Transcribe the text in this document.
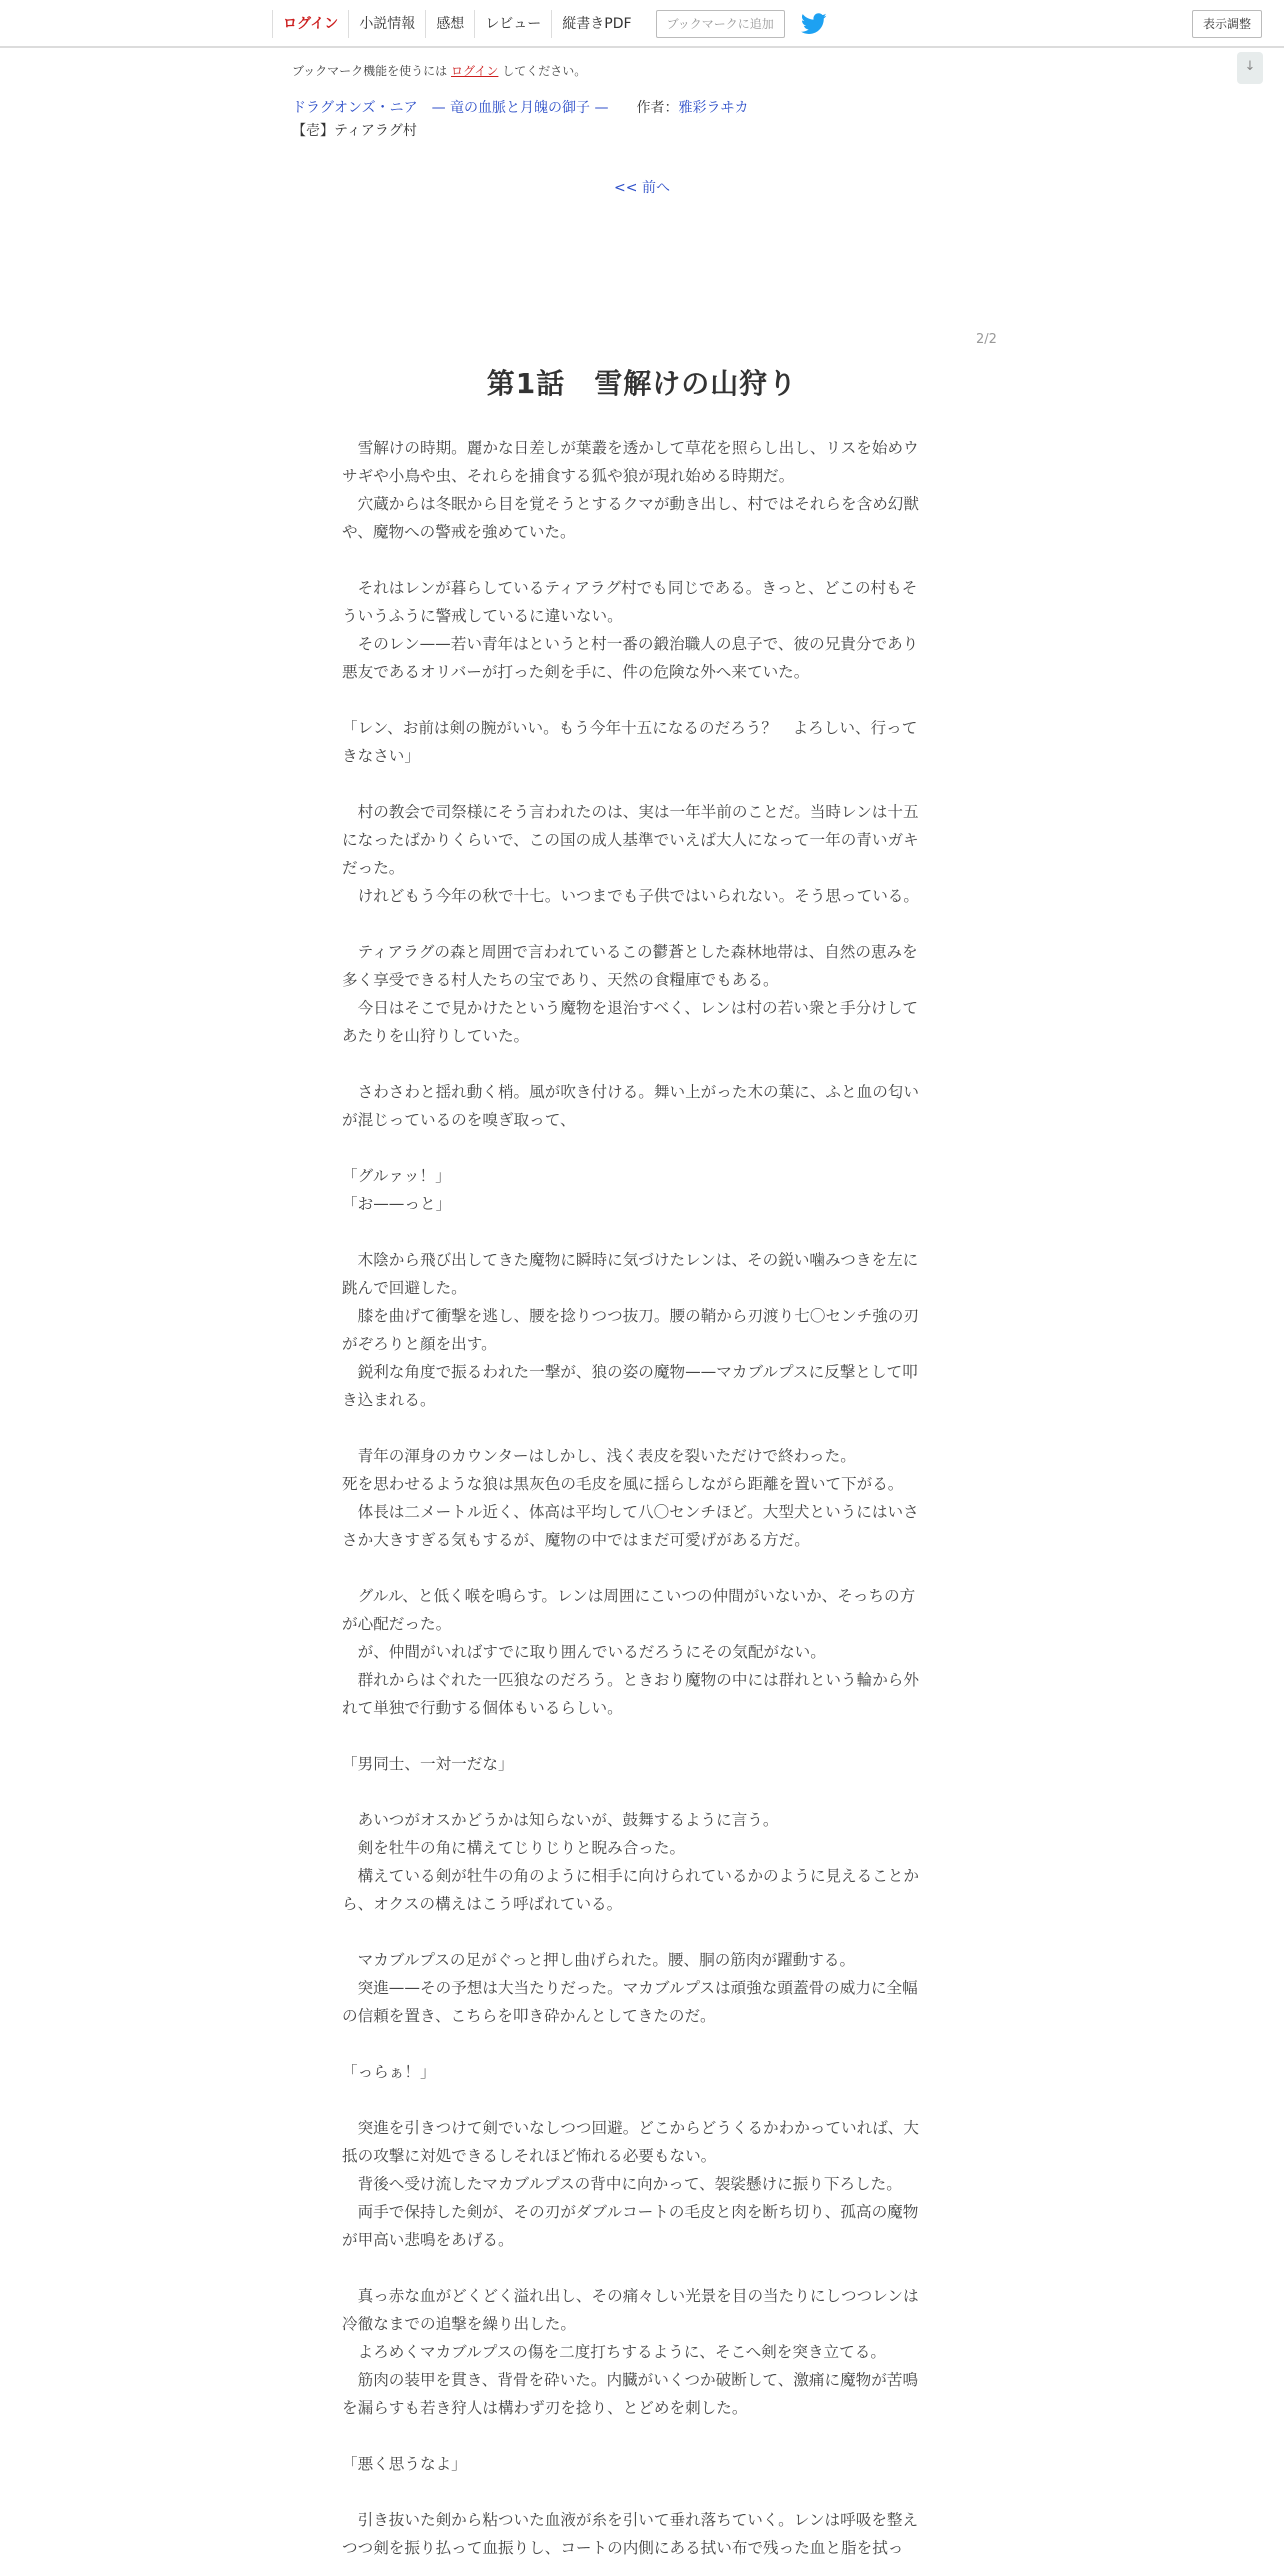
ログイン	小説情報	感想	レビュー	縦書きPDF	ブックマークに追加	表示調整
↓
ブックマーク機能を使うには ログイン してください。
ドラグオンズ・ニア　— 竜の血脈と月魄の御子 —　　 作者：雅彩ラヰカ
【壱】ティアラグ村
<< 前へ
2/2
第1話　雪解けの山狩り
　雪解けの時期。麗かな日差しが葉叢を透かして草花を照らし出し、リスを始めウ
サギや小鳥や虫、それらを捕食する狐や狼が現れ始める時期だ。
　穴蔵からは冬眠から目を覚そうとするクマが動き出し、村ではそれらを含め幻獣
や、魔物への警戒を強めていた。
　それはレンが暮らしているティアラグ村でも同じである。きっと、どこの村もそ
ういうふうに警戒しているに違いない。
　そのレン——若い青年はというと村一番の鍛治職人の息子で、彼の兄貴分であり
悪友であるオリバーが打った剣を手に、件の危険な外へ来ていた。
「レン、お前は剣の腕がいい。もう今年十五になるのだろう？　よろしい、行って
きなさい」
　村の教会で司祭様にそう言われたのは、実は一年半前のことだ。当時レンは十五
になったばかりくらいで、この国の成人基準でいえば大人になって一年の青いガキ
だった。
　けれどもう今年の秋で十七。いつまでも子供ではいられない。そう思っている。
　ティアラグの森と周囲で言われているこの鬱蒼とした森林地帯は、自然の恵みを
多く享受できる村人たちの宝であり、天然の食糧庫でもある。
　今日はそこで見かけたという魔物を退治すべく、レンは村の若い衆と手分けして
あたりを山狩りしていた。
　さわさわと揺れ動く梢。風が吹き付ける。舞い上がった木の葉に、ふと血の匂い
が混じっているのを嗅ぎ取って、
「グルァッ！」
「お——っと」
　木陰から飛び出してきた魔物に瞬時に気づけたレンは、その鋭い噛みつきを左に
跳んで回避した。
　膝を曲げて衝撃を逃し、腰を捻りつつ抜刀。腰の鞘から刃渡り七〇センチ強の刃
がぞろりと顔を出す。
　鋭利な角度で振るわれた一撃が、狼の姿の魔物——マカブルプスに反撃として叩
き込まれる。
　青年の渾身のカウンターはしかし、浅く表皮を裂いただけで終わった。
死を思わせるような狼は黒灰色の毛皮を風に揺らしながら距離を置いて下がる。
　体長は二メートル近く、体高は平均して八〇センチほど。大型犬というにはいさ
さか大きすぎる気もするが、魔物の中ではまだ可愛げがある方だ。
　グルル、と低く喉を鳴らす。レンは周囲にこいつの仲間がいないか、そっちの方
が心配だった。
　が、仲間がいればすでに取り囲んでいるだろうにその気配がない。
　群れからはぐれた一匹狼なのだろう。ときおり魔物の中には群れという輪から外
れて単独で行動する個体もいるらしい。
「男同士、一対一だな」
　あいつがオスかどうかは知らないが、鼓舞するように言う。
　剣を牡牛の角に構えてじりじりと睨み合った。
　構えている剣が牡牛の角のように相手に向けられているかのように見えることか
ら、オクスの構えはこう呼ばれている。
　マカブルプスの足がぐっと押し曲げられた。腰、胴の筋肉が躍動する。
　突進——その予想は大当たりだった。マカブルプスは頑強な頭蓋骨の威力に全幅
の信頼を置き、こちらを叩き砕かんとしてきたのだ。
「っらぁ！」
　突進を引きつけて剣でいなしつつ回避。どこからどうくるかわかっていれば、大
抵の攻撃に対処できるしそれほど怖れる必要もない。
　背後へ受け流したマカブルプスの背中に向かって、袈裟懸けに振り下ろした。
　両手で保持した剣が、その刃がダブルコートの毛皮と肉を断ち切り、孤高の魔物
が甲高い悲鳴をあげる。
　真っ赤な血がどくどく溢れ出し、その痛々しい光景を目の当たりにしつつレンは
冷徹なまでの追撃を繰り出した。
　よろめくマカブルプスの傷を二度打ちするように、そこへ剣を突き立てる。
　筋肉の装甲を貫き、背骨を砕いた。内臓がいくつか破断して、激痛に魔物が苦鳴
を漏らすも若き狩人は構わず刃を捻り、とどめを刺した。
「悪く思うなよ」
　引き抜いた剣から粘ついた血液が糸を引いて垂れ落ちていく。レンは呼吸を整え
つつ剣を振り払って血振りし、コートの内側にある拭い布で残った血と脂を拭っ
